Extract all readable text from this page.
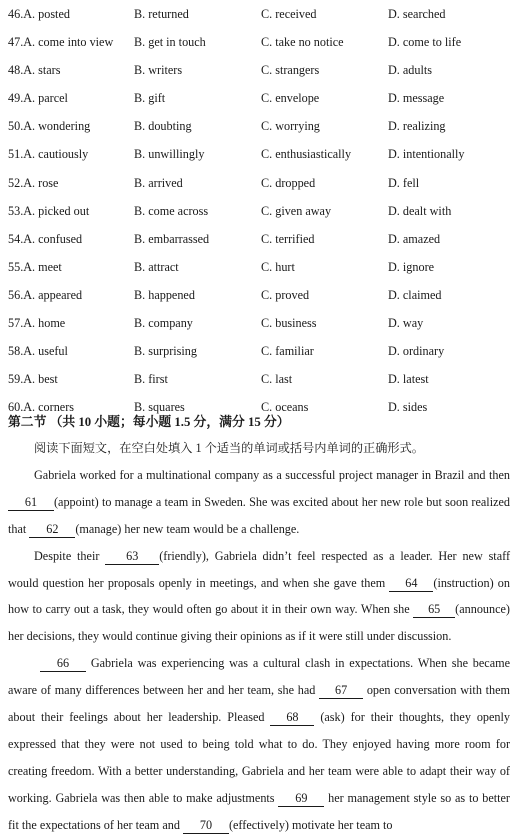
46.A. posted	B. returned	C. received	D. searched
47.A. come into view B. get in touch	C. take no notice	D. come to life
48.A. stars	B. writers	C. strangers	D. adults
49.A. parcel	B. gift	C. envelope	D. message
50.A. wondering	B. doubting	C. worrying	D. realizing
51.A. cautiously	B. unwillingly	C. enthusiastically	D. intentionally
52.A. rose	B. arrived	C. dropped	D. fell
53.A. picked out	B. come across	C. given away	D. dealt with
54.A. confused	B. embarrassed	C. terrified	D. amazed
55.A. meet	B. attract	C. hurt	D. ignore
56.A. appeared	B. happened	C. proved	D. claimed
57.A. home	B. company	C. business	D. way
58.A. useful	B. surprising	C. familiar	D. ordinary
59.A. best	B. first	C. last	D. latest
60.A. corners	B. squares	C. oceans	D. sides
第二节 （共 10 小题；每小题 1.5 分，满分 15 分）
阅读下面短文，在空白处填入 1 个适当的单词或括号内单词的正确形式。

Gabriela worked for a multinational company as a successful project manager in Brazil and then 61 (appoint) to manage a team in Sweden. She was excited about her new role but soon realized that 62 (manage) her new team would be a challenge.

Despite their 63 (friendly), Gabriela didn’t feel respected as a leader. Her new staff would question her proposals openly in meetings, and when she gave them 64 (instruction) on how to carry out a task, they would often go about it in their own way. When she 65 (announce) her decisions, they would continue giving their opinions as if it were still under discussion.

66 Gabriela was experiencing was a cultural clash in expectations. When she became aware of many differences between her and her team, she had 67 open conversation with them about their feelings about her leadership. Pleased 68 (ask) for their thoughts, they openly expressed that they were not used to being told what to do. They enjoyed having more room for creating freedom. With a better understanding, Gabriela and her team were able to adapt their way of working. Gabriela was then able to make adjustments 69 her management style so as to better fit the expectations of her team and 70 (effectively) motivate her team to
